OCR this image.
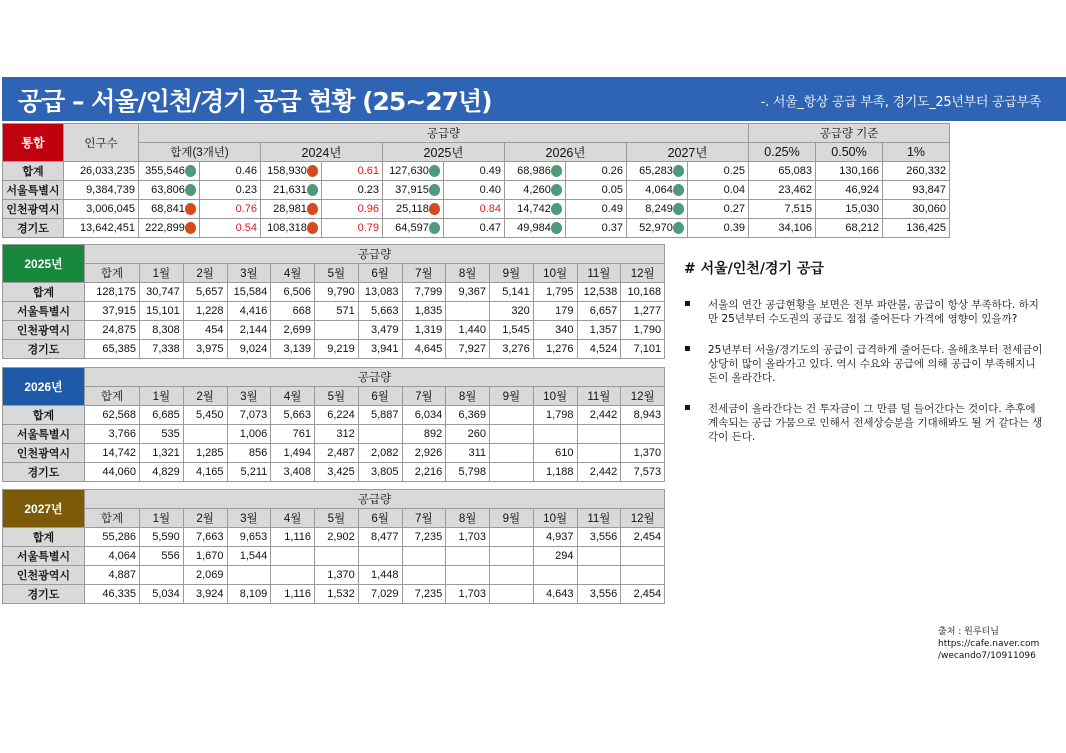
공급 – 서울/인천/경기 공급 현황 (25~27년)	-. 서울_항상 공급 부족, 경기도_25년부터 공급부족
통합	인구수	공급량										공급량 기준		
		합계(3개년)		2024년		2025년		2026년		2027년		0.25%	0.50%	1%
합계	26,033,235	355,546	0.46	158,930	0.61	127,630	0.49	68,986	0.26	65,283	0.25	65,083	130,166	260,332
서울특별시	9,384,739	63,806	0.23	21,631	0.23	37,915	0.40	4,260	0.05	4,064	0.04	23,462	46,924	93,847
인천광역시	3,006,045	68,841	0.76	28,981	0.96	25,118	0.84	14,742	0.49	8,249	0.27	7,515	15,030	30,060
경기도	13,642,451	222,899	0.54	108,318	0.79	64,597	0.47	49,984	0.37	52,970	0.39	34,106	68,212	136,425
2025년	공급량												
	합계	1월	2월	3월	4월	5월	6월	7월	8월	9월	10월	11월	12월
합계	128,175	30,747	5,657	15,584	6,506	9,790	13,083	7,799	9,367	5,141	1,795	12,538	10,168
서울특별시	37,915	15,101	1,228	4,416	668	571	5,663	1,835		320	179	6,657	1,277
인천광역시	24,875	8,308	454	2,144	2,699		3,479	1,319	1,440	1,545	340	1,357	1,790
경기도	65,385	7,338	3,975	9,024	3,139	9,219	3,941	4,645	7,927	3,276	1,276	4,524	7,101
2026년	공급량												
	합계	1월	2월	3월	4월	5월	6월	7월	8월	9월	10월	11월	12월
합계	62,568	6,685	5,450	7,073	5,663	6,224	5,887	6,034	6,369		1,798	2,442	8,943
서울특별시	3,766	535		1,006	761	312		892	260				
인천광역시	14,742	1,321	1,285	856	1,494	2,487	2,082	2,926	311		610		1,370
경기도	44,060	4,829	4,165	5,211	3,408	3,425	3,805	2,216	5,798		1,188	2,442	7,573
2027년	공급량												
	합계	1월	2월	3월	4월	5월	6월	7월	8월	9월	10월	11월	12월
합계	55,286	5,590	7,663	9,653	1,116	2,902	8,477	7,235	1,703		4,937	3,556	2,454
서울특별시	4,064	556	1,670	1,544							294		
인천광역시	4,887		2,069			1,370	1,448						
경기도	46,335	5,034	3,924	8,109	1,116	1,532	7,029	7,235	1,703		4,643	3,556	2,454
# 서울/인천/경기 공급
▪ 서울의 연간 공급현황을 보면은 전부 파란불, 공급이 항상 부족하다. 하지만 25년부터 수도권의 공급도 점점 줄어든다 가격에 영향이 있을까?
▪ 25년부터 서울/경기도의 공급이 급격하게 줄어든다. 올해초부터 전세금이 상당히 많이 올라가고 있다. 역시 수요와 공급에 의해 공급이 부족해지니 돈이 올라간다.
▪ 전세금이 올라간다는 건 투자금이 그 만큼 덜 들어간다는 것이다. 추후에 계속되는 공급 가뭄으로 인해서 전세상승분을 기대해봐도 될 거 같다는 생각이 든다.
출처 : 원루티님
https://cafe.naver.com
/wecando7/10911096
